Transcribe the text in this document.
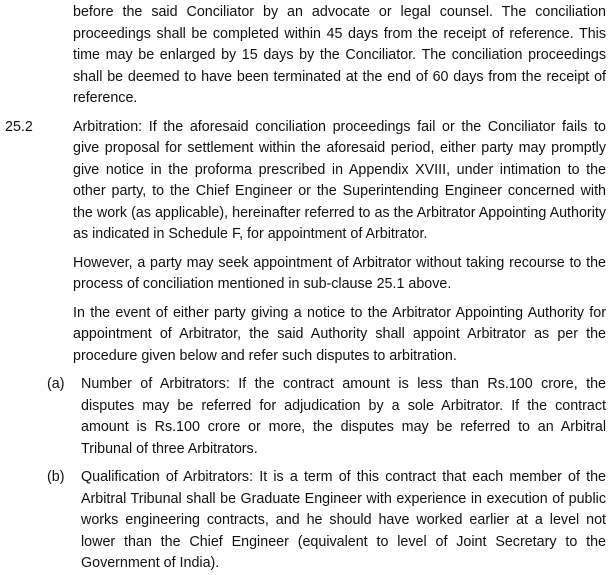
before the said Conciliator by an advocate or legal counsel. The conciliation proceedings shall be completed within 45 days from the receipt of reference. This time may be enlarged by 15 days by the Conciliator. The conciliation proceedings shall be deemed to have been terminated at the end of 60 days from the receipt of reference.

25.2	Arbitration: If the aforesaid conciliation proceedings fail or the Conciliator fails to give proposal for settlement within the aforesaid period, either party may promptly give notice in the proforma prescribed in Appendix XVIII, under intimation to the other party, to the Chief Engineer or the Superintending Engineer concerned with the work (as applicable), hereinafter referred to as the Arbitrator Appointing Authority as indicated in Schedule F, for appointment of Arbitrator.

However, a party may seek appointment of Arbitrator without taking recourse to the process of conciliation mentioned in sub-clause 25.1 above.

In the event of either party giving a notice to the Arbitrator Appointing Authority for appointment of Arbitrator, the said Authority shall appoint Arbitrator as per the procedure given below and refer such disputes to arbitration.

(a) Number of Arbitrators: If the contract amount is less than Rs.100 crore, the disputes may be referred for adjudication by a sole Arbitrator. If the contract amount is Rs.100 crore or more, the disputes may be referred to an Arbitral Tribunal of three Arbitrators.

(b) Qualification of Arbitrators: It is a term of this contract that each member of the Arbitral Tribunal shall be Graduate Engineer with experience in execution of public works engineering contracts, and he should have worked earlier at a level not lower than the Chief Engineer (equivalent to level of Joint Secretary to the Government of India).
